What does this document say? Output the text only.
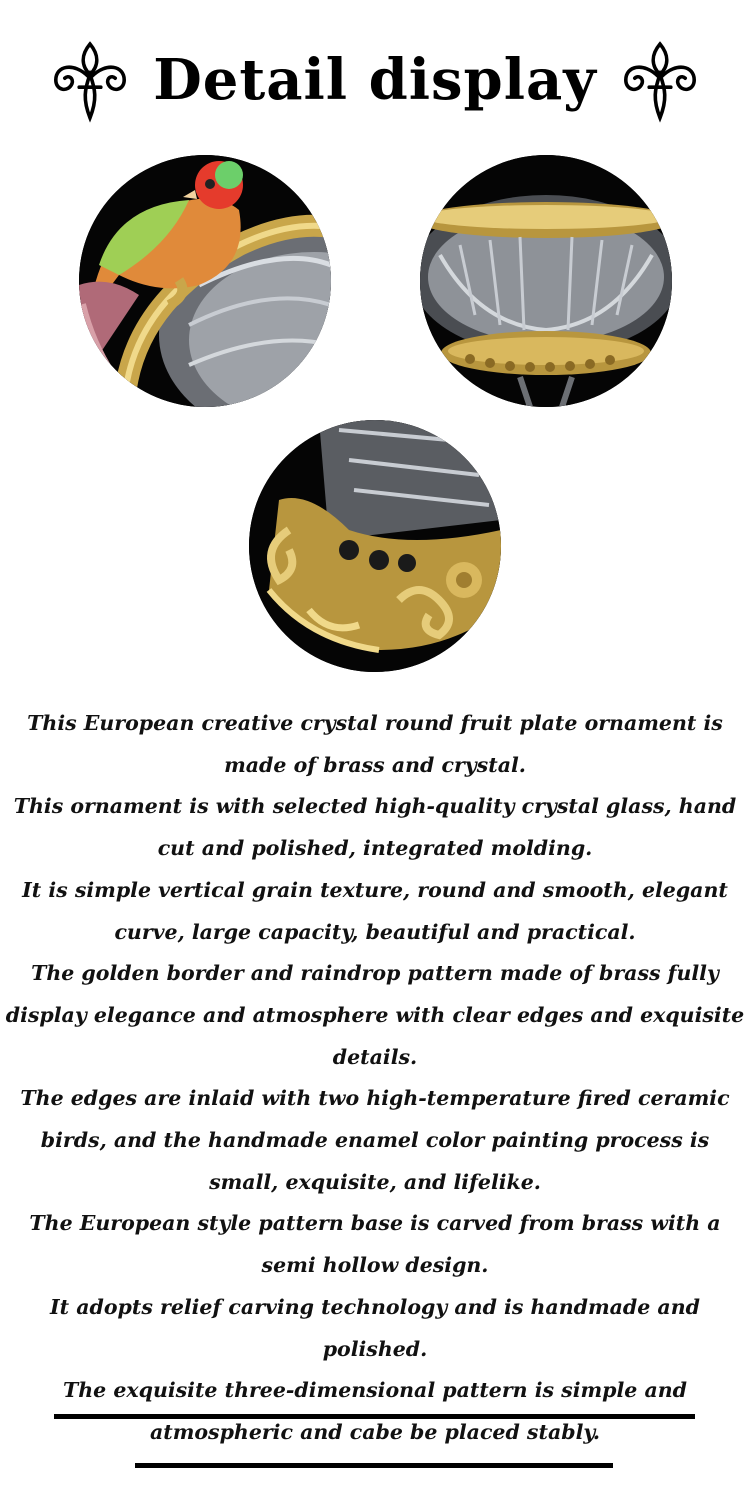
Detail display

This European creative crystal round fruit plate ornament is made of brass and crystal.

This ornament is with selected high-quality crystal glass, hand cut and polished, integrated molding.

It is simple vertical grain texture, round and smooth, elegant curve, large capacity, beautiful and practical.

The golden border and raindrop pattern made of brass fully display elegance and atmosphere with clear edges and exquisite details.

The edges are inlaid with two high-temperature fired ceramic birds, and the handmade enamel color painting process is small, exquisite, and lifelike.

The European style pattern base is carved from brass with a semi hollow design.

It adopts relief carving technology and is handmade and polished.

The exquisite three-dimensional pattern is simple and atmospheric and cabe be placed stably.
